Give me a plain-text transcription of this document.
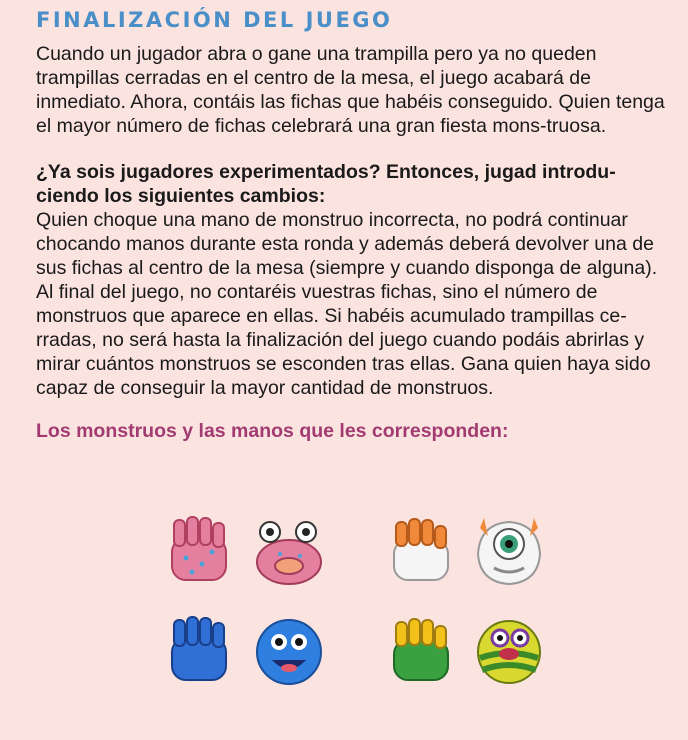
FINALIZACIÓN DEL JUEGO

Cuando un jugador abra o gane una trampilla pero ya no queden trampillas cerradas en el centro de la mesa, el juego acabará de inmediato. Ahora, contáis las fichas que habéis conseguido. Quien tenga el mayor número de fichas celebrará una gran fiesta mons-truosa.

¿Ya sois jugadores experimentados? Entonces, jugad introdu-ciendo los siguientes cambios:

Quien choque una mano de monstruo incorrecta, no podrá continuar chocando manos durante esta ronda y además deberá devolver una de sus fichas al centro de la mesa (siempre y cuando disponga de alguna).

Al final del juego, no contaréis vuestras fichas, sino el número de monstruos que aparece en ellas. Si habéis acumulado trampillas ce-rradas, no será hasta la finalización del juego cuando podáis abrirlas y mirar cuántos monstruos se esconden tras ellas. Gana quien haya sido capaz de conseguir la mayor cantidad de monstruos.

Los monstruos y las manos que les corresponden:
